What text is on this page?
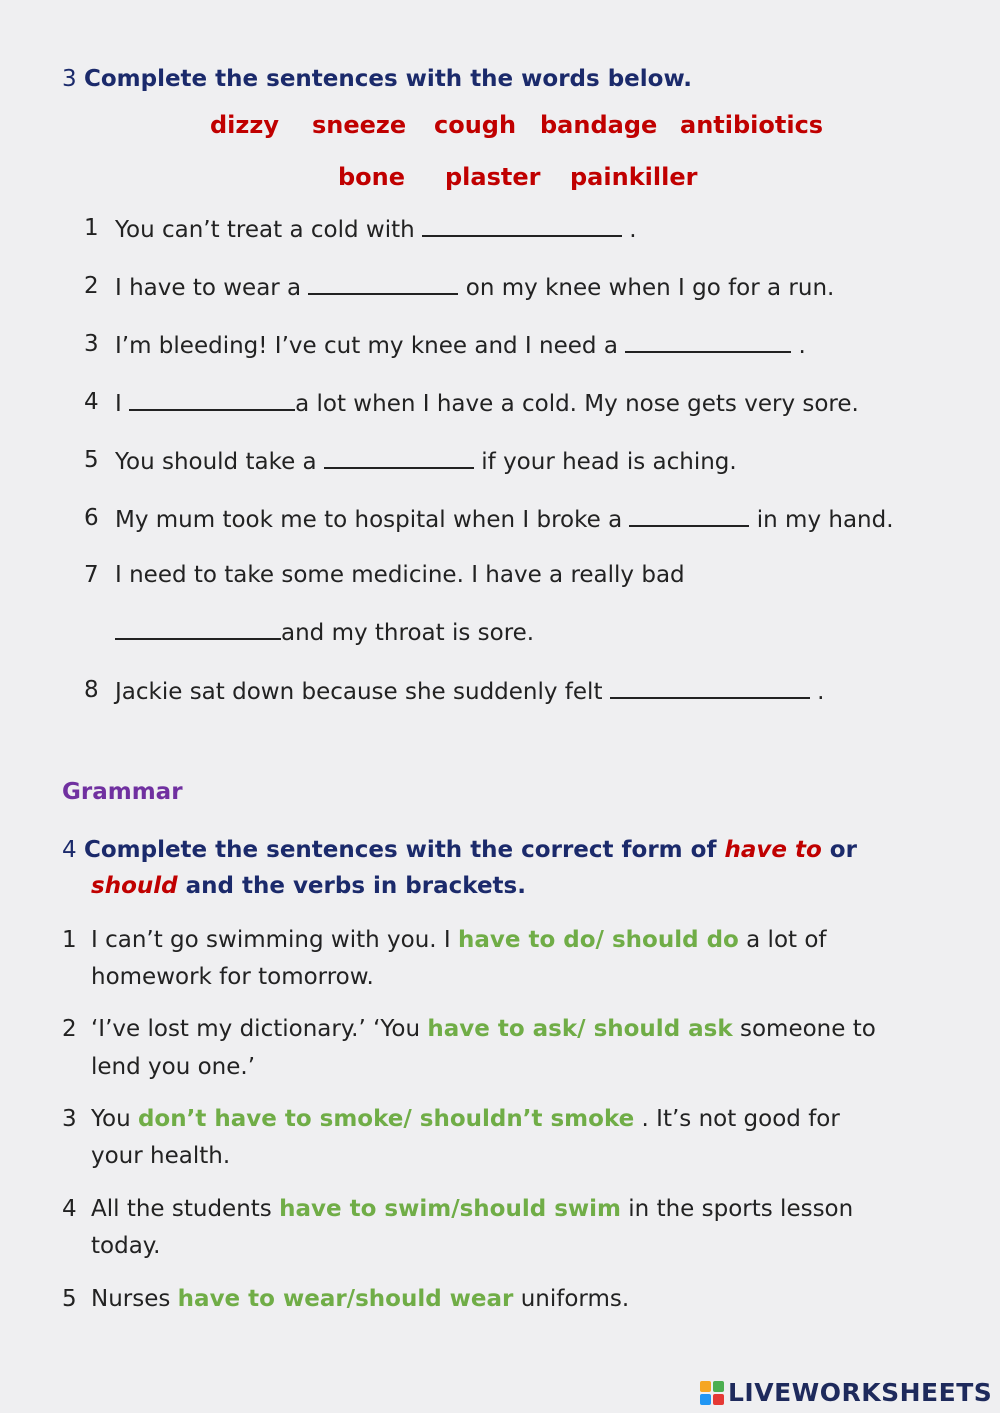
3 Complete the sentences with the words below.
dizzy sneeze cough bandage antibiotics
bone plaster painkiller
1 You can’t treat a cold with	.
2 I have to wear a	on my knee when I go for a run.
3 I’m bleeding! I’ve cut my knee and I need a	.
4 I	a lot when I have a cold. My nose gets very sore.
5 You should take a	if your head is aching.
6 My mum took me to hospital when I broke a	in my hand.
7 I need to take some medicine. I have a really bad
and my throat is sore.
8 Jackie sat down because she suddenly felt	.
Grammar
4 Complete the sentences with the correct form of have to or
should and the verbs in brackets.
1 I can’t go swimming with you. I have to do/ should do a lot of
homework for tomorrow.
2 ‘I’ve lost my dictionary.’ ‘You have to ask/ should ask someone to
lend you one.’
3 You don’t have to smoke/ shouldn’t smoke . It’s not good for
your health.
4 All the students have to swim/should swim in the sports lesson
today.
5 Nurses have to wear/should wear uniforms.
LIVEWORKSHEETS
